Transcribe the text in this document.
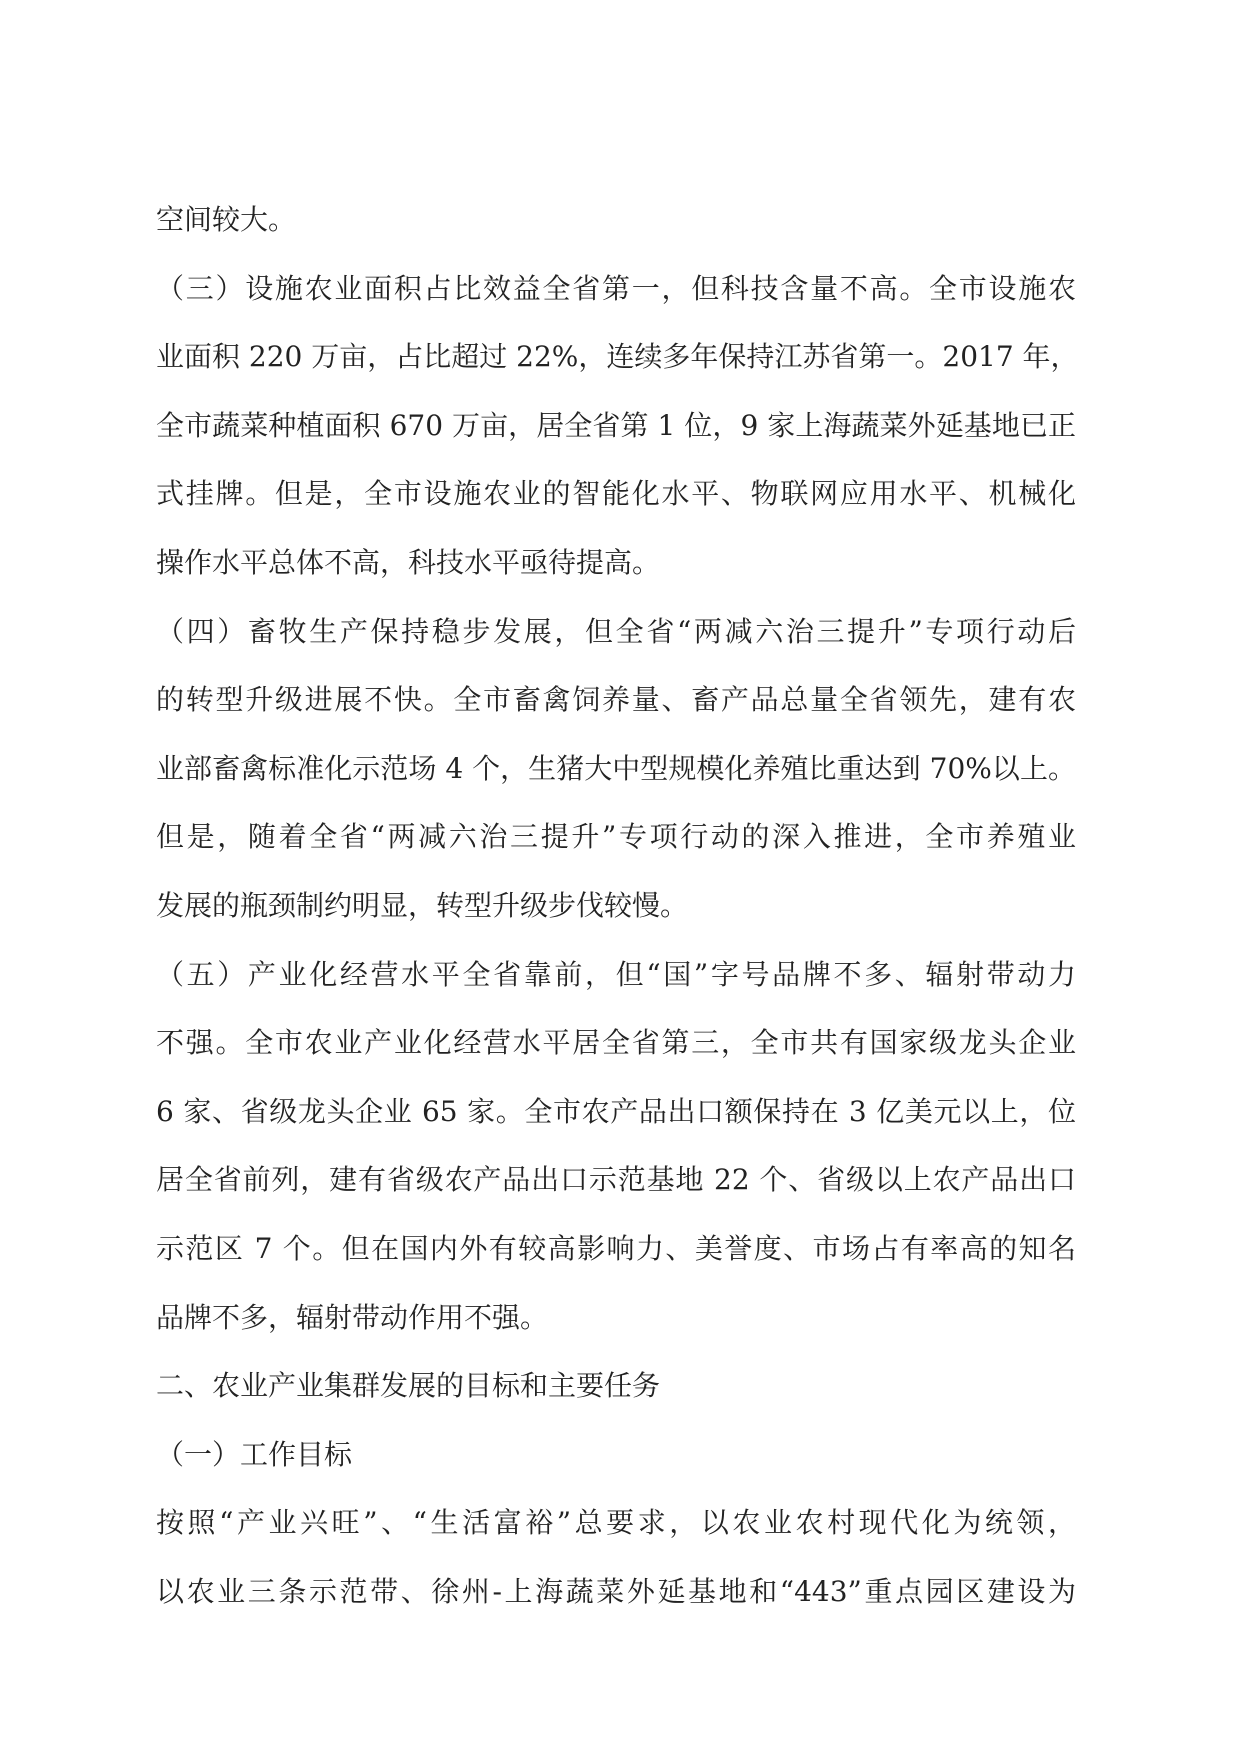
空间较大。
（三）设施农业面积占比效益全省第一，但科技含量不高。全市设施农
业面积 220 万亩，占比超过 22%，连续多年保持江苏省第一。2017 年，
全市蔬菜种植面积 670 万亩，居全省第 1 位，9 家上海蔬菜外延基地已正
式挂牌。但是，全市设施农业的智能化水平、物联网应用水平、机械化
操作水平总体不高，科技水平亟待提高。
（四）畜牧生产保持稳步发展，但全省“两减六治三提升”专项行动后
的转型升级进展不快。全市畜禽饲养量、畜产品总量全省领先，建有农
业部畜禽标准化示范场 4 个，生猪大中型规模化养殖比重达到 70%以上。
但是，随着全省“两减六治三提升”专项行动的深入推进，全市养殖业
发展的瓶颈制约明显，转型升级步伐较慢。
（五）产业化经营水平全省靠前，但“国”字号品牌不多、辐射带动力
不强。全市农业产业化经营水平居全省第三，全市共有国家级龙头企业
6 家、省级龙头企业 65 家。全市农产品出口额保持在 3 亿美元以上，位
居全省前列，建有省级农产品出口示范基地 22 个、省级以上农产品出口
示范区 7 个。但在国内外有较高影响力、美誉度、市场占有率高的知名
品牌不多，辐射带动作用不强。
二、农业产业集群发展的目标和主要任务
（一）工作目标
按照“产业兴旺”、“生活富裕”总要求，以农业农村现代化为统领，
以农业三条示范带、徐州-上海蔬菜外延基地和“443”重点园区建设为
